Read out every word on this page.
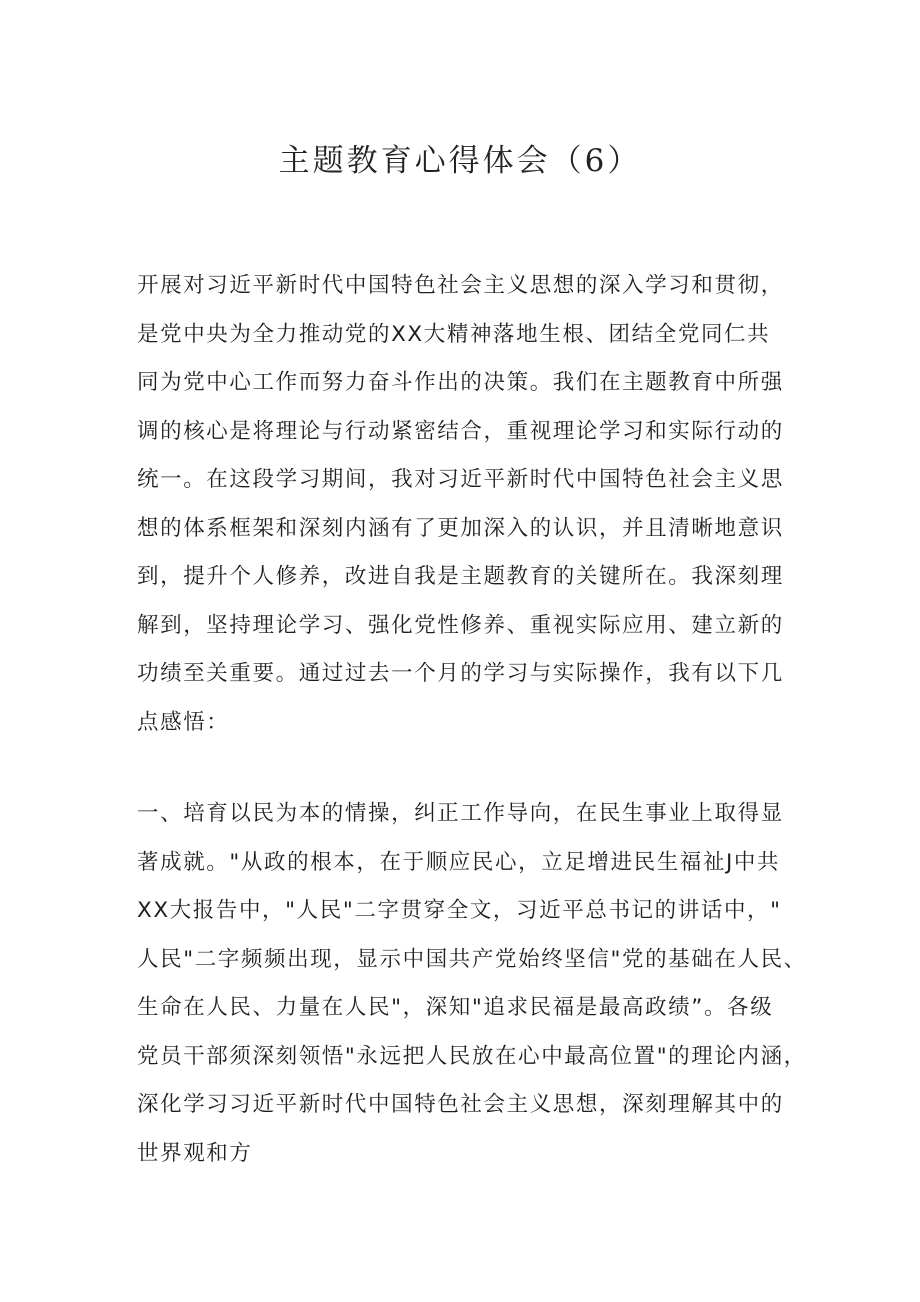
主题教育心得体会（6）
开展对习近平新时代中国特色社会主义思想的深入学习和贯彻，
是党中央为全力推动党的XX大精神落地生根、团结全党同仁共
同为党中心工作而努力奋斗作出的决策。我们在主题教育中所强
调的核心是将理论与行动紧密结合，重视理论学习和实际行动的
统一。在这段学习期间，我对习近平新时代中国特色社会主义思
想的体系框架和深刻内涵有了更加深入的认识，并且清晰地意识
到，提升个人修养，改进自我是主题教育的关键所在。我深刻理
解到，坚持理论学习、强化党性修养、重视实际应用、建立新的
功绩至关重要。通过过去一个月的学习与实际操作，我有以下几
点感悟：
一、培育以民为本的情操，纠正工作导向，在民生事业上取得显
著成就。"从政的根本，在于顺应民心，立足增进民生福祉J中共
XX大报告中，"人民"二字贯穿全文，习近平总书记的讲话中，"
人民"二字频频出现，显示中国共产党始终坚信"党的基础在人民、
生命在人民、力量在人民"，深知"追求民福是最高政绩”。各级
党员干部须深刻领悟"永远把人民放在心中最高位置"的理论内涵，
深化学习习近平新时代中国特色社会主义思想，深刻理解其中的
世界观和方
